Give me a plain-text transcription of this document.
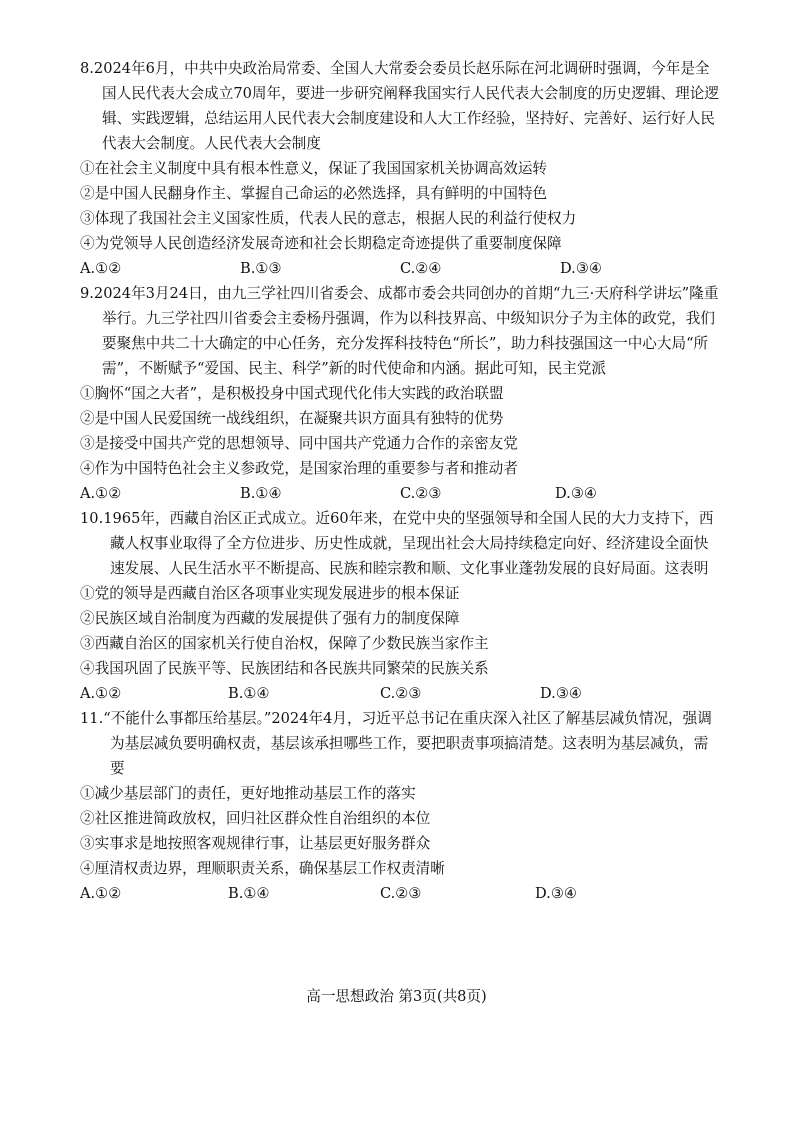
8.2024年6月，中共中央政治局常委、全国人大常委会委员长赵乐际在河北调研时强调，今年是全国人民代表大会成立70周年，要进一步研究阐释我国实行人民代表大会制度的历史逻辑、理论逻辑、实践逻辑，总结运用人民代表大会制度建设和人大工作经验，坚持好、完善好、运行好人民代表大会制度。人民代表大会制度
①在社会主义制度中具有根本性意义，保证了我国国家机关协调高效运转
②是中国人民翻身作主、掌握自己命运的必然选择，具有鲜明的中国特色
③体现了我国社会主义国家性质，代表人民的意志，根据人民的利益行使权力
④为党领导人民创造经济发展奇迹和社会长期稳定奇迹提供了重要制度保障
A.①②	B.①③	C.②④	D.③④
9.2024年3月24日，由九三学社四川省委会、成都市委会共同创办的首期“九三·天府科学讲坛”隆重举行。九三学社四川省委会主委杨丹强调，作为以科技界高、中级知识分子为主体的政党，我们要聚焦中共二十大确定的中心任务，充分发挥科技特色“所长”，助力科技强国这一中心大局“所需”，不断赋予“爱国、民主、科学”新的时代使命和内涵。据此可知，民主党派
①胸怀“国之大者”，是积极投身中国式现代化伟大实践的政治联盟
②是中国人民爱国统一战线组织，在凝聚共识方面具有独特的优势
③是接受中国共产党的思想领导、同中国共产党通力合作的亲密友党
④作为中国特色社会主义参政党，是国家治理的重要参与者和推动者
A.①②	B.①④	C.②③	D.③④
10.1965年，西藏自治区正式成立。近60年来，在党中央的坚强领导和全国人民的大力支持下，西藏人权事业取得了全方位进步、历史性成就，呈现出社会大局持续稳定向好、经济建设全面快速发展、人民生活水平不断提高、民族和睦宗教和顺、文化事业蓬勃发展的良好局面。这表明
①党的领导是西藏自治区各项事业实现发展进步的根本保证
②民族区域自治制度为西藏的发展提供了强有力的制度保障
③西藏自治区的国家机关行使自治权，保障了少数民族当家作主
④我国巩固了民族平等、民族团结和各民族共同繁荣的民族关系
A.①②	B.①④	C.②③	D.③④
11.“不能什么事都压给基层。”2024年4月，习近平总书记在重庆深入社区了解基层减负情况，强调为基层减负要明确权责，基层该承担哪些工作，要把职责事项搞清楚。这表明为基层减负，需要
①减少基层部门的责任，更好地推动基层工作的落实
②社区推进简政放权，回归社区群众性自治组织的本位
③实事求是地按照客观规律行事，让基层更好服务群众
④厘清权责边界，理顺职责关系，确保基层工作权责清晰
A.①②	B.①④	C.②③	D.③④
高一思想政治 第3页(共8页)
